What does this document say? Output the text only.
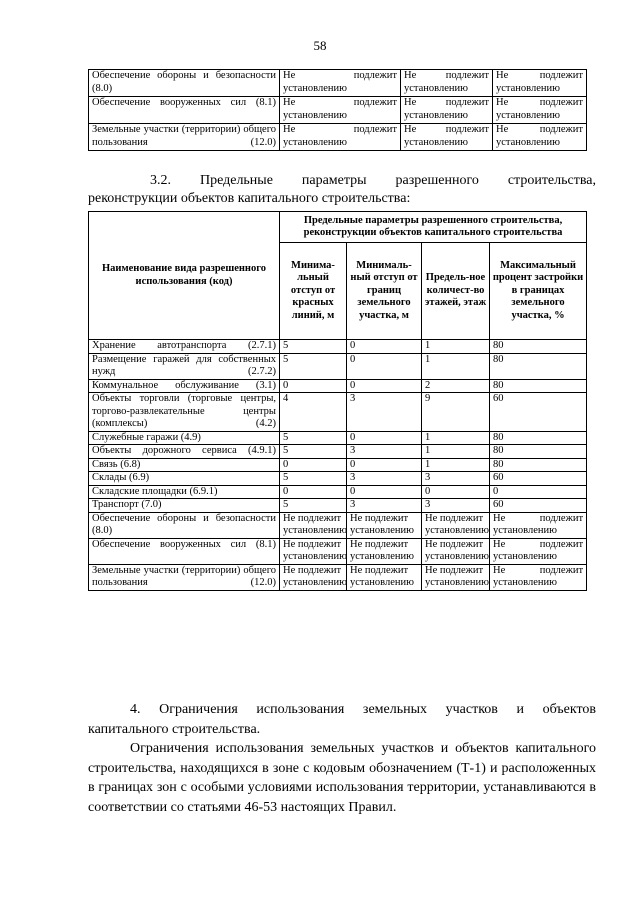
58
Обеспечение обороны и безопасности (8.0)	Не подлежит установлению	Не подлежит установлению	Не подлежит установлению
Обеспечение вооруженных сил (8.1)	Не подлежит установлению	Не подлежит установлению	Не подлежит установлению
Земельные участки (территории) общего пользования (12.0)	Не подлежит установлению	Не подлежит установлению	Не подлежит установлению
3.2. Предельные параметры разрешенного строительства,
реконструкции объектов капитального строительства:
Наименование вида разрешенного использования (код)	Предельные параметры разрешенного строительства, реконструкции объектов капитального строительства			
	Минима-льный отступ от красных линий, м	Минималь-ный отступ от границ земельного участка, м	Предель-ное количест-во этажей, этаж	Максимальный процент застройки в границах земельного участка, %
Хранение автотранспорта (2.7.1)	5	0	1	80
Размещение гаражей для собственных нужд (2.7.2)	5	0	1	80
Коммунальное обслуживание (3.1)	0	0	2	80
Объекты торговли (торговые центры, торгово-развлекательные центры (комплексы) (4.2)	4	3	9	60
Служебные гаражи (4.9)	5	0	1	80
Объекты дорожного сервиса (4.9.1)	5	3	1	80
Связь (6.8)	0	0	1	80
Склады (6.9)	5	3	3	60
Складские площадки (6.9.1)	0	0	0	0
Транспорт (7.0)	5	3	3	60
Обеспечение обороны и безопасности (8.0)	Не подлежит установлению	Не подлежит установлению	Не подлежит установлению	Не подлежит установлению
Обеспечение вооруженных сил (8.1)	Не подлежит установлению	Не подлежит установлению	Не подлежит установлению	Не подлежит установлению
Земельные участки (территории) общего пользования (12.0)	Не подлежит установлению	Не подлежит установлению	Не подлежит установлению	Не подлежит установлению

4. Ограничения использования земельных участков и объектов

капитального строительства.

Ограничения использования земельных участков и объектов капитального строительства, находящихся в зоне с кодовым обозначением (Т-1) и расположенных в границах зон с особыми условиями использования территории, устанавливаются в соответствии со статьями 46-53 настоящих Правил.
